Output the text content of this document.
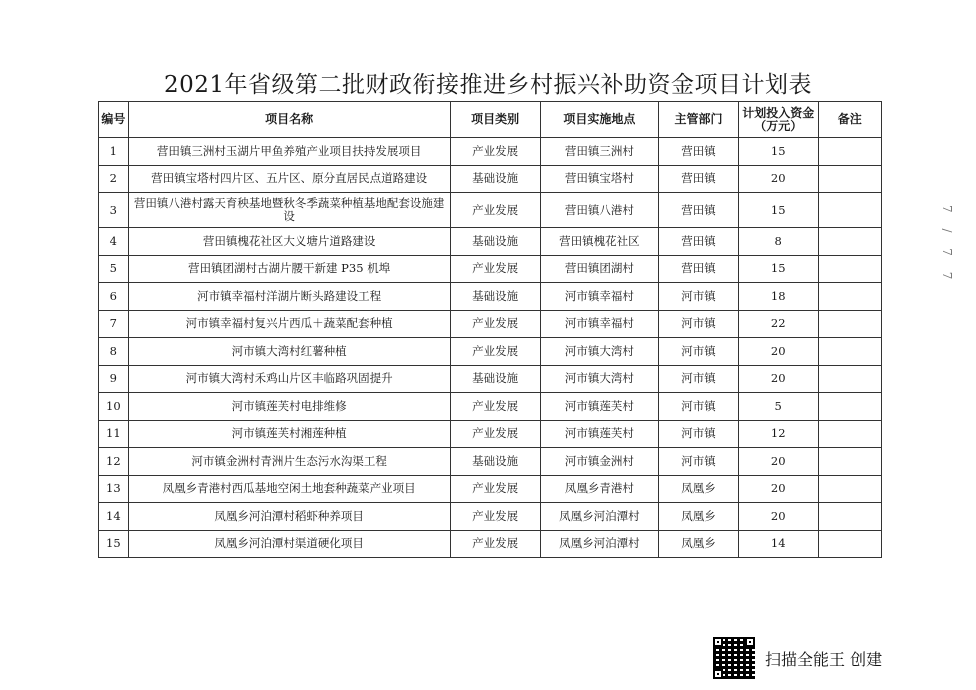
2021年省级第二批财政衔接推进乡村振兴补助资金项目计划表
编号	项目名称	项目类别	项目实施地点	主管部门	计划投入资金（万元）	备注
1	营田镇三洲村玉湖片甲鱼养殖产业项目扶持发展项目	产业发展	营田镇三洲村	营田镇	15	
2	营田镇宝塔村四片区、五片区、原分直居民点道路建设	基础设施	营田镇宝塔村	营田镇	20	
3	营田镇八港村露天育秧基地暨秋冬季蔬菜种植基地配套设施建设	产业发展	营田镇八港村	营田镇	15	
4	营田镇槐花社区大义塘片道路建设	基础设施	营田镇槐花社区	营田镇	8	
5	营田镇团湖村古湖片腰干新建 P35 机埠	产业发展	营田镇团湖村	营田镇	15	
6	河市镇幸福村洋湖片断头路建设工程	基础设施	河市镇幸福村	河市镇	18	
7	河市镇幸福村复兴片西瓜＋蔬菜配套种植	产业发展	河市镇幸福村	河市镇	22	
8	河市镇大湾村红薯种植	产业发展	河市镇大湾村	河市镇	20	
9	河市镇大湾村禾鸡山片区丰临路巩固提升	基础设施	河市镇大湾村	河市镇	20	
10	河市镇莲芙村电排维修	产业发展	河市镇莲芙村	河市镇	5	
11	河市镇莲芙村湘莲种植	产业发展	河市镇莲芙村	河市镇	12	
12	河市镇金洲村青洲片生态污水沟渠工程	基础设施	河市镇金洲村	河市镇	20	
13	凤凰乡青港村西瓜基地空闲土地套种蔬菜产业项目	产业发展	凤凰乡青港村	凤凰乡	20	
14	凤凰乡河泊潭村稻虾种养项目	产业发展	凤凰乡河泊潭村	凤凰乡	20	
15	凤凰乡河泊潭村渠道硬化项目	产业发展	凤凰乡河泊潭村	凤凰乡	14	
7 / 7 7
扫描全能王 创建
